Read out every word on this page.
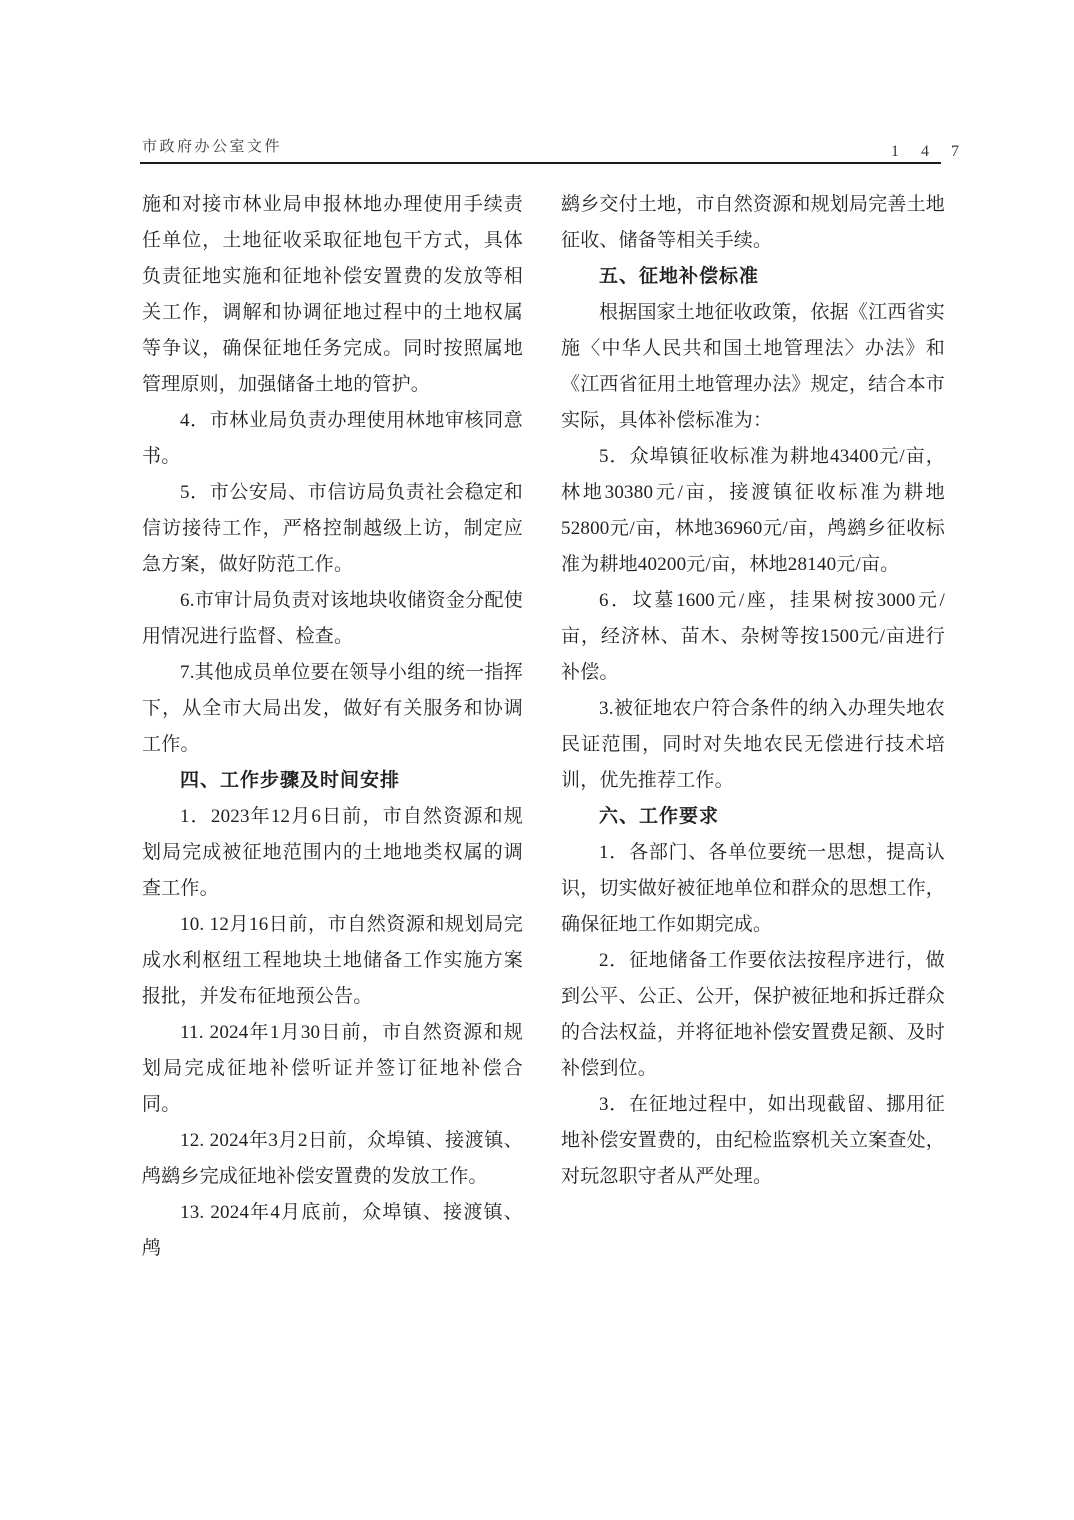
市政府办公室文件	1 4 7

施和对接市林业局申报林地办理使用手续责任单位，土地征收采取征地包干方式，具体负责征地实施和征地补偿安置费的发放等相关工作，调解和协调征地过程中的土地权属等争议，确保征地任务完成。同时按照属地管理原则，加强储备土地的管护。

4．市林业局负责办理使用林地审核同意书。

5．市公安局、市信访局负责社会稳定和信访接待工作，严格控制越级上访，制定应急方案，做好防范工作。

6.市审计局负责对该地块收储资金分配使用情况进行监督、检查。

7.其他成员单位要在领导小组的统一指挥下，从全市大局出发，做好有关服务和协调工作。

四、工作步骤及时间安排

1．2023年12月6日前，市自然资源和规划局完成被征地范围内的土地地类权属的调查工作。

10. 12月16日前，市自然资源和规划局完成水利枢纽工程地块土地储备工作实施方案报批，并发布征地预公告。

11. 2024年1月30日前，市自然资源和规划局完成征地补偿听证并签订征地补偿合同。

12. 2024年3月2日前，众埠镇、接渡镇、鸬鹚乡完成征地补偿安置费的发放工作。

13. 2024年4月底前，众埠镇、接渡镇、鸬

鹚乡交付土地，市自然资源和规划局完善土地征收、储备等相关手续。

五、征地补偿标准

根据国家土地征收政策，依据《江西省实施〈中华人民共和国土地管理法〉办法》和《江西省征用土地管理办法》规定，结合本市实际，具体补偿标准为：

5．众埠镇征收标准为耕地43400元/亩，林地30380元/亩，接渡镇征收标准为耕地52800元/亩，林地36960元/亩，鸬鹚乡征收标准为耕地40200元/亩，林地28140元/亩。

6．坟墓1600元/座，挂果树按3000元/亩，经济林、苗木、杂树等按1500元/亩进行补偿。

3.被征地农户符合条件的纳入办理失地农民证范围，同时对失地农民无偿进行技术培训，优先推荐工作。

六、工作要求

1．各部门、各单位要统一思想，提高认识，切实做好被征地单位和群众的思想工作，确保征地工作如期完成。

2．征地储备工作要依法按程序进行，做到公平、公正、公开，保护被征地和拆迁群众的合法权益，并将征地补偿安置费足额、及时补偿到位。

3．在征地过程中，如出现截留、挪用征地补偿安置费的，由纪检监察机关立案查处，对玩忽职守者从严处理。
